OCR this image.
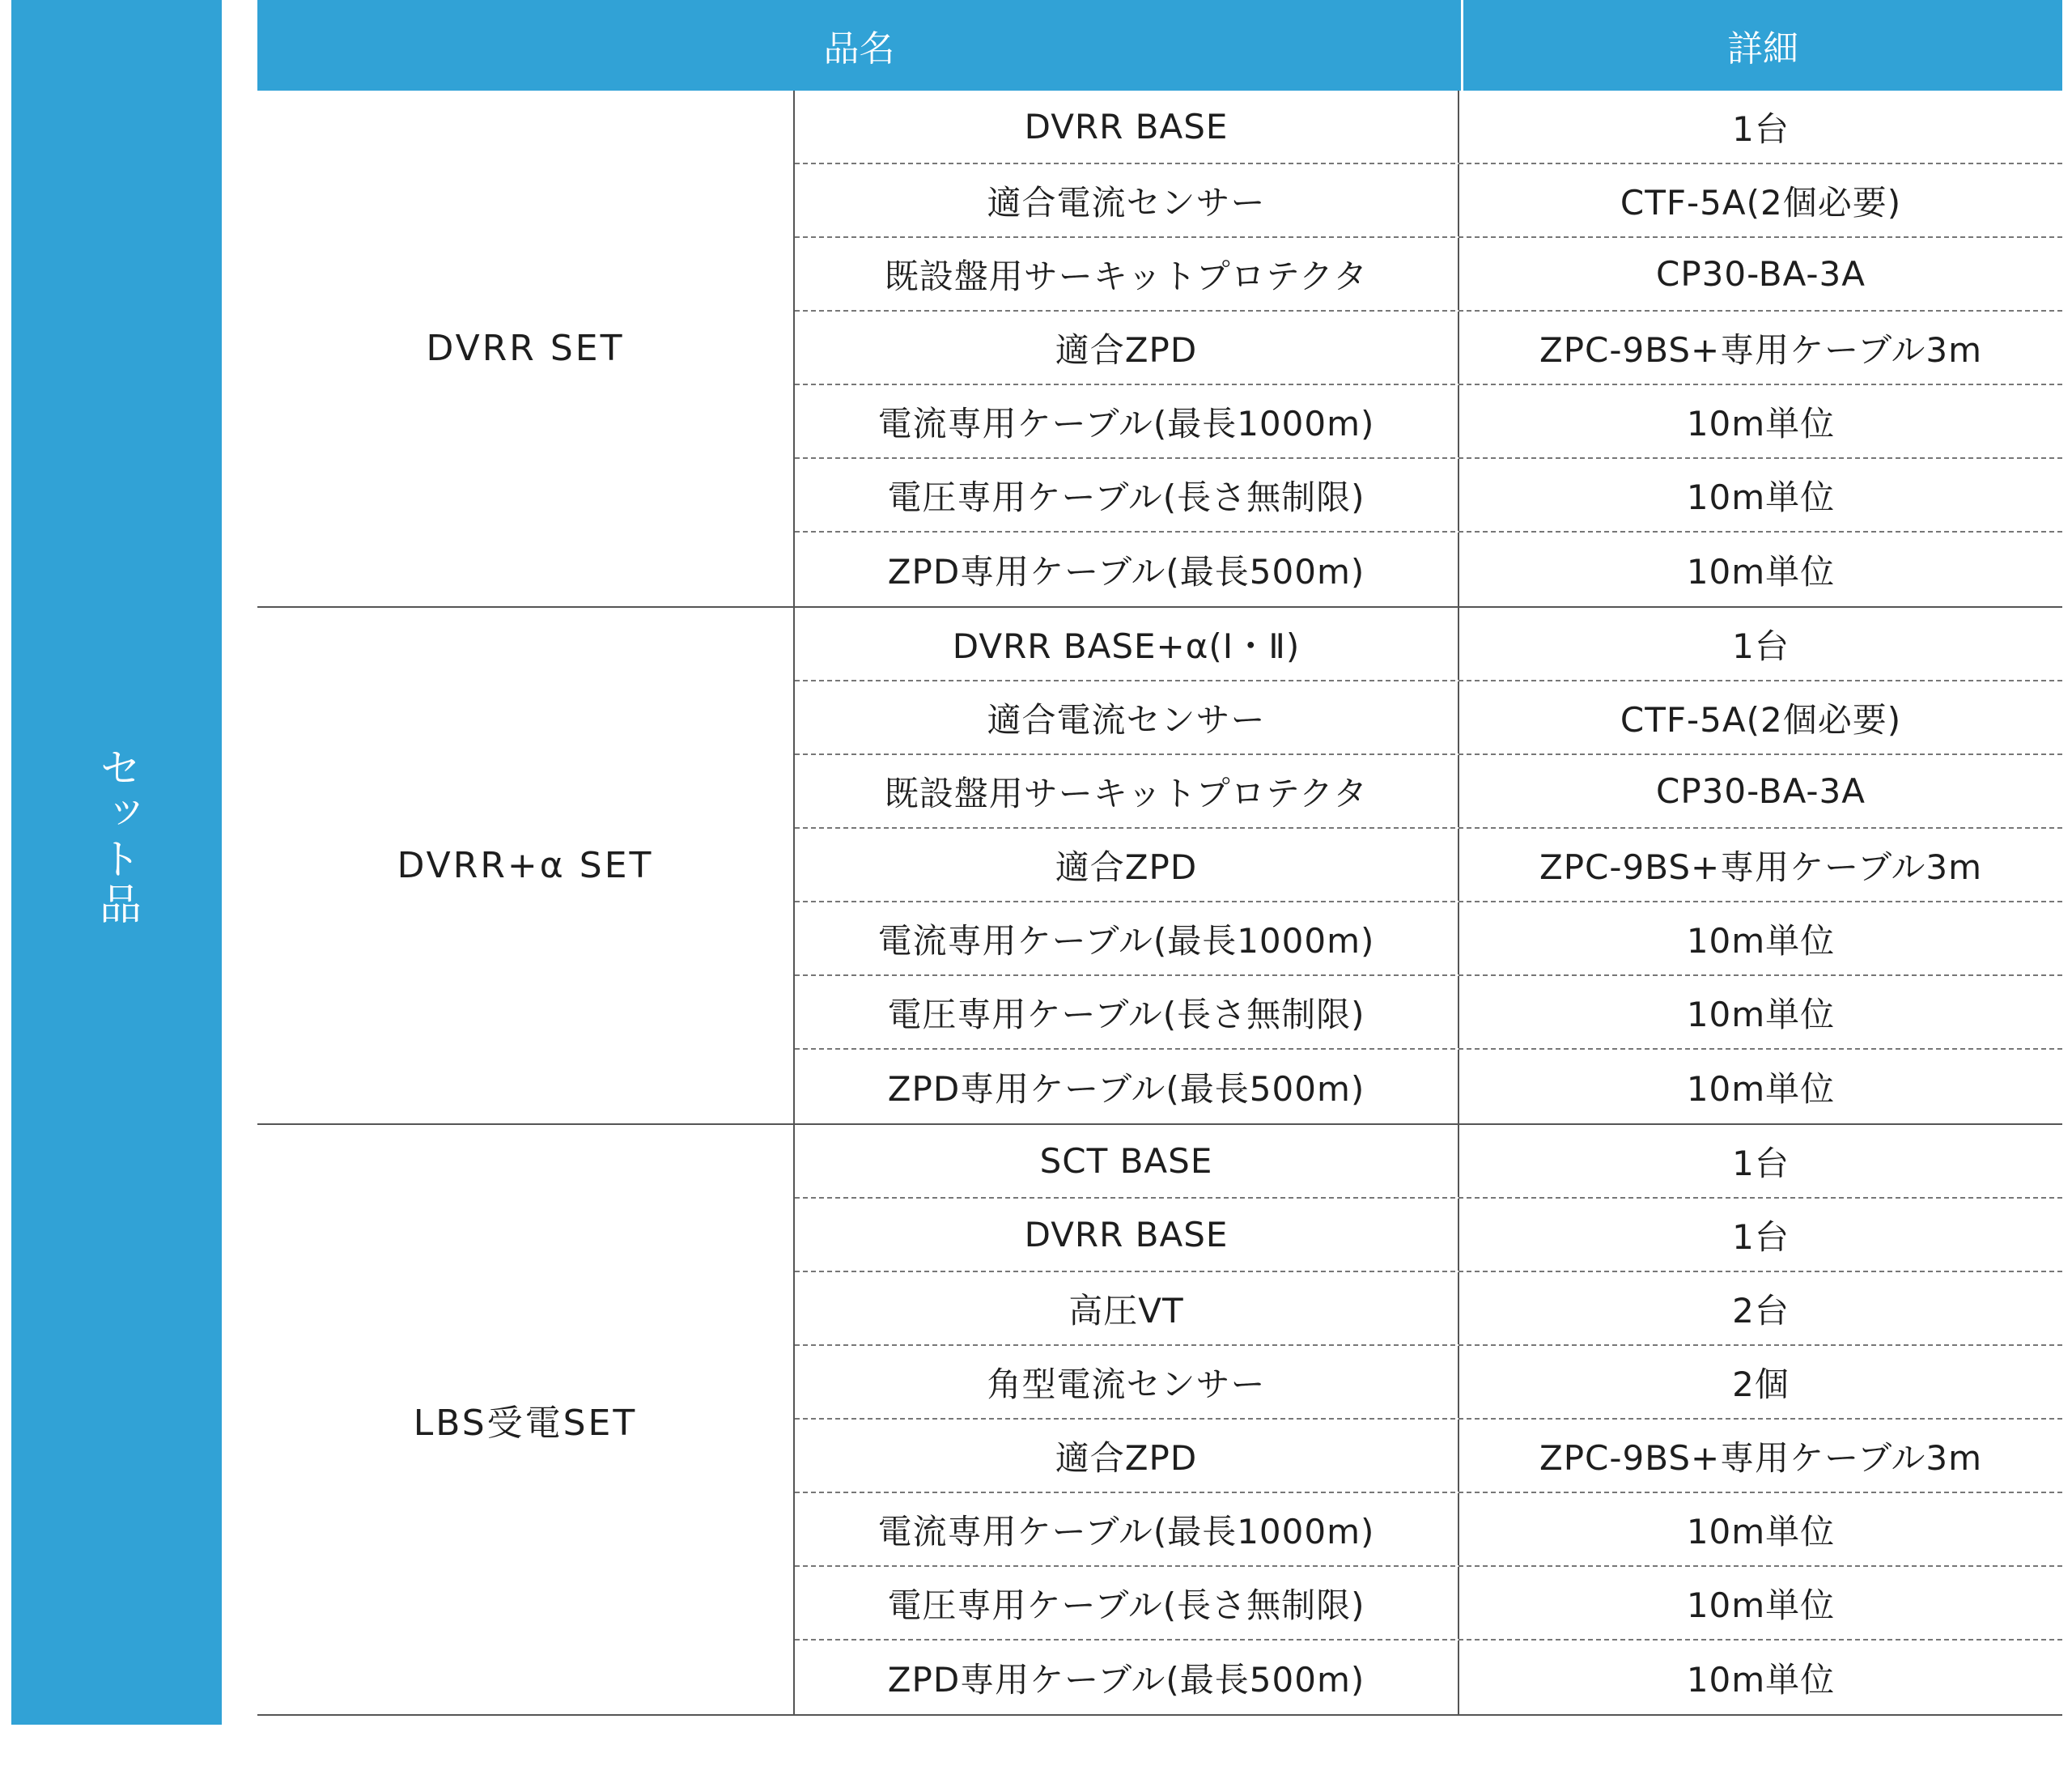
セット品
品名	詳細
DVRR SET
DVRR BASE	1台
適合電流センサー	CTF-5A(2個必要)
既設盤用サーキットプロテクタ	CP30-BA-3A
適合ZPD	ZPC-9BS+専用ケーブル3m
電流専用ケーブル(最長1000m)	10m単位
電圧専用ケーブル(長さ無制限)	10m単位
ZPD専用ケーブル(最長500m)	10m単位
DVRR+α SET
DVRR BASE+α(Ⅰ・Ⅱ)	1台
適合電流センサー	CTF-5A(2個必要)
既設盤用サーキットプロテクタ	CP30-BA-3A
適合ZPD	ZPC-9BS+専用ケーブル3m
電流専用ケーブル(最長1000m)	10m単位
電圧専用ケーブル(長さ無制限)	10m単位
ZPD専用ケーブル(最長500m)	10m単位
LBS受電SET
SCT BASE	1台
DVRR BASE	1台
高圧VT	2台
角型電流センサー	2個
適合ZPD	ZPC-9BS+専用ケーブル3m
電流専用ケーブル(最長1000m)	10m単位
電圧専用ケーブル(長さ無制限)	10m単位
ZPD専用ケーブル(最長500m)	10m単位
